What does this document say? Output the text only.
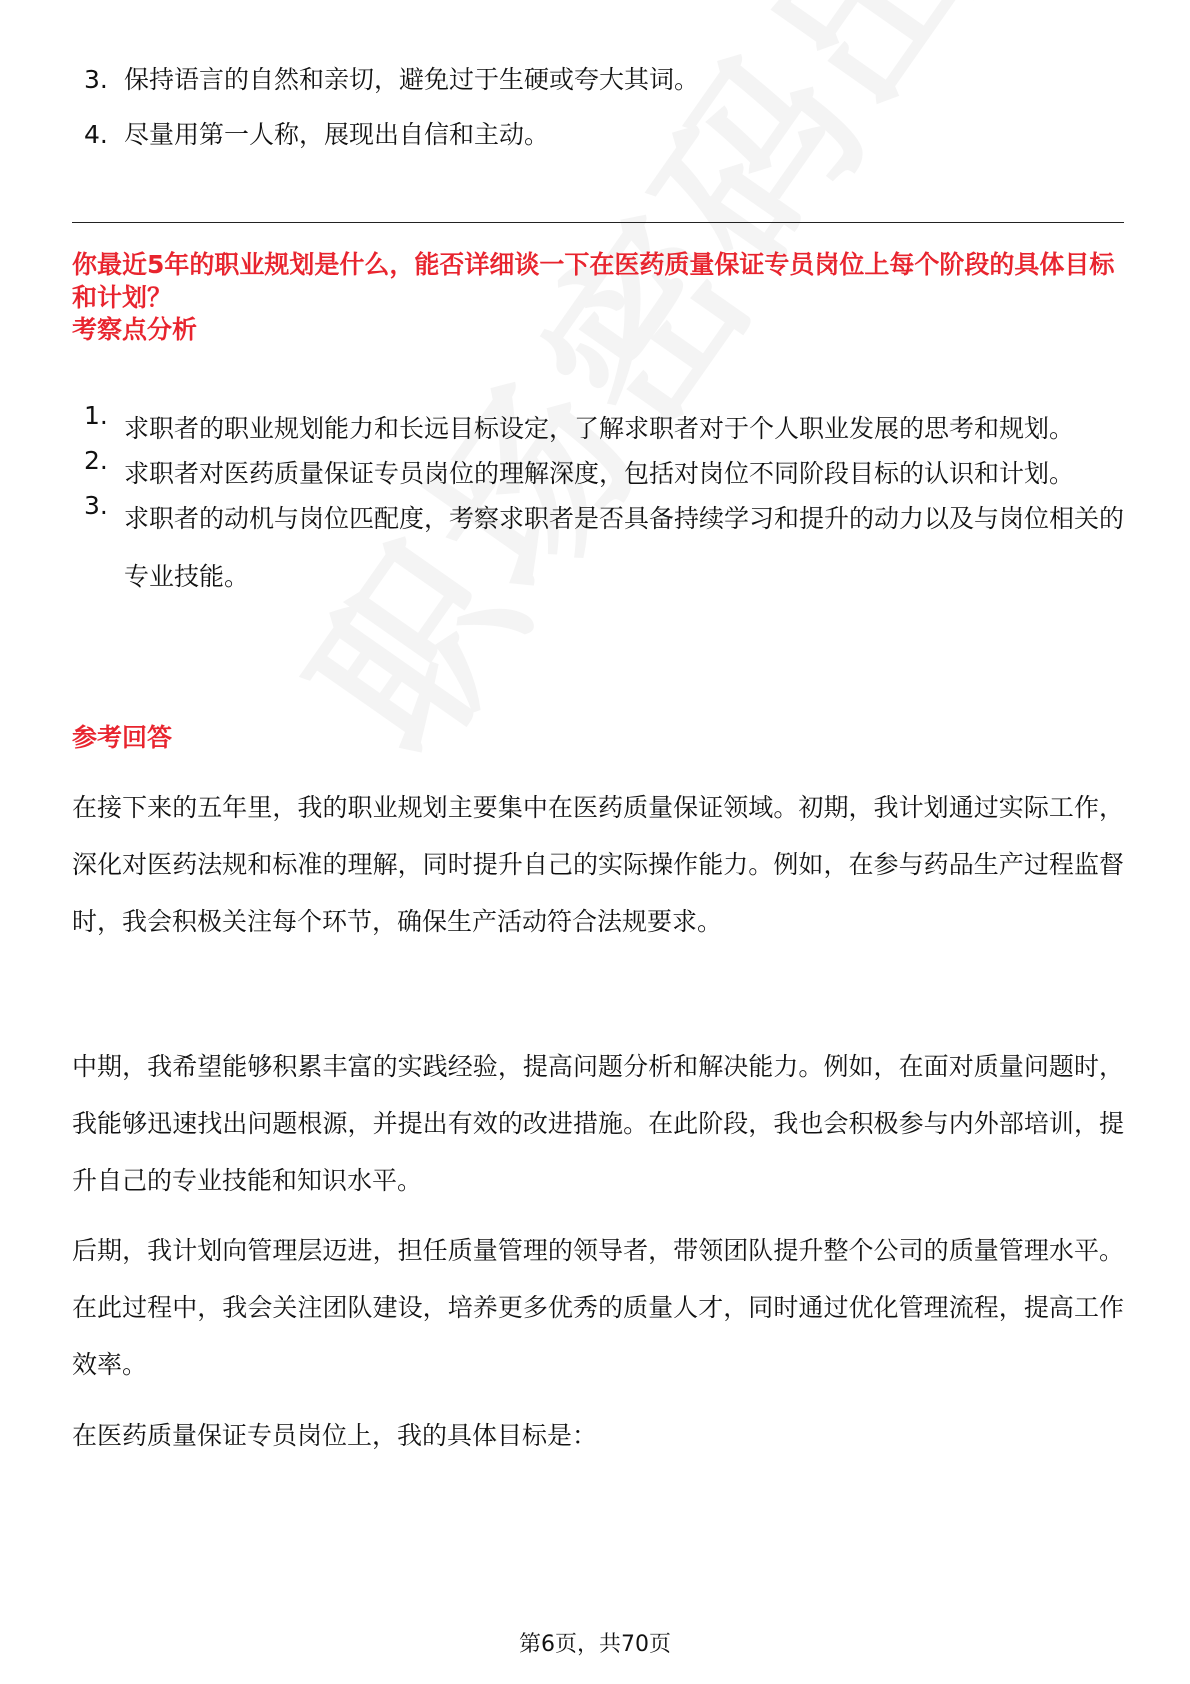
3. 保持语言的自然和亲切，避免过于生硬或夸大其词。
4. 尽量用第一人称，展现出自信和主动。
你最近5年的职业规划是什么，能否详细谈一下在医药质量保证专员岗位上每个阶段的具体目标和计划？
考察点分析
1. 求职者的职业规划能力和长远目标设定，了解求职者对于个人职业发展的思考和规划。
2. 求职者对医药质量保证专员岗位的理解深度，包括对岗位不同阶段目标的认识和计划。
3. 求职者的动机与岗位匹配度，考察求职者是否具备持续学习和提升的动力以及与岗位相关的专业技能。
参考回答

在接下来的五年里，我的职业规划主要集中在医药质量保证领域。初期，我计划通过实际工作，深化对医药法规和标准的理解，同时提升自己的实际操作能力。例如，在参与药品生产过程监督时，我会积极关注每个环节，确保生产活动符合法规要求。

中期，我希望能够积累丰富的实践经验，提高问题分析和解决能力。例如，在面对质量问题时，我能够迅速找出问题根源，并提出有效的改进措施。在此阶段，我也会积极参与内外部培训，提升自己的专业技能和知识水平。

后期，我计划向管理层迈进，担任质量管理的领导者，带领团队提升整个公司的质量管理水平。在此过程中，我会关注团队建设，培养更多优秀的质量人才，同时通过优化管理流程，提高工作效率。

在医药质量保证专员岗位上，我的具体目标是：

第6页，共70页
